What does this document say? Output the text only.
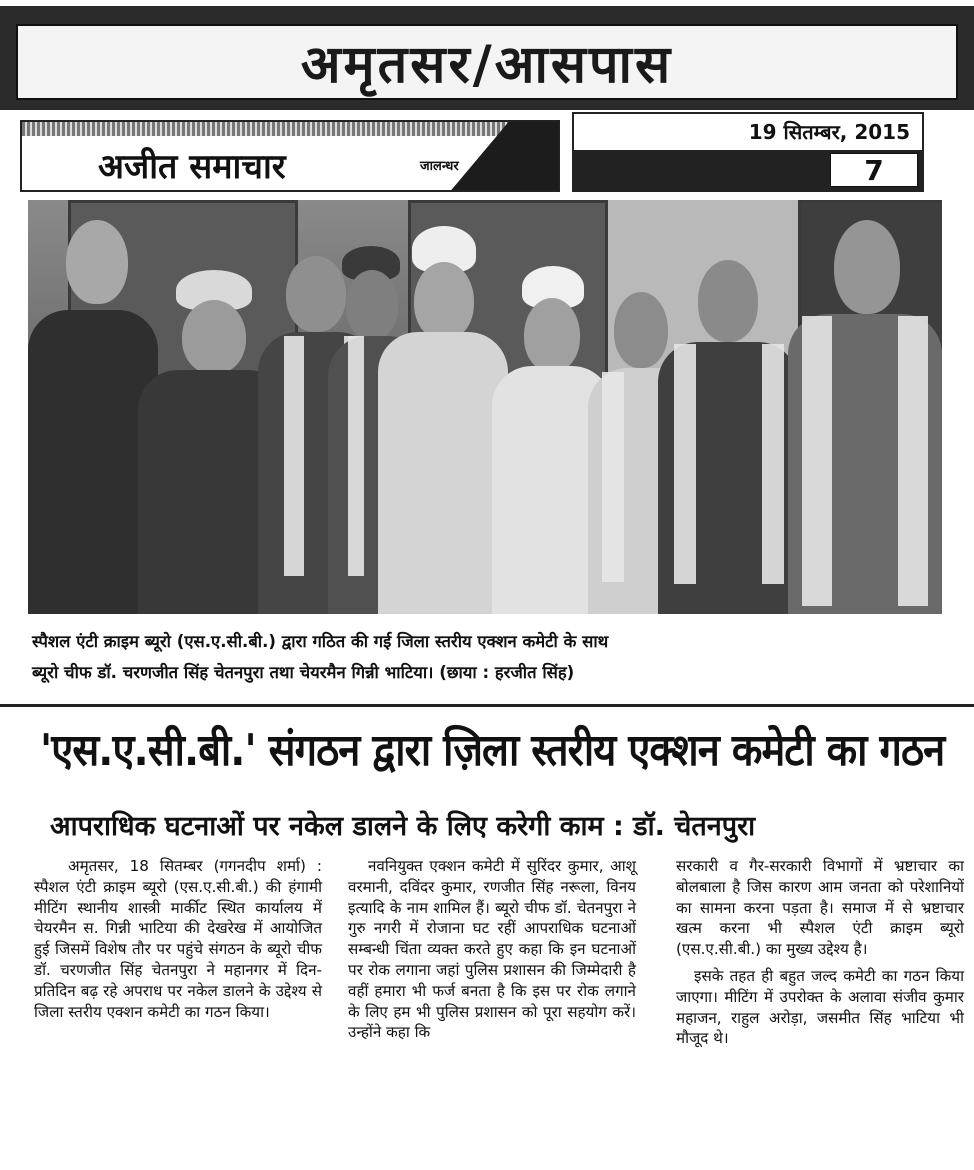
अमृतसर/आसपास
अजीत समाचार	जालन्धर
19 सितम्बर, 2015
7
स्पैशल एंटी क्राइम ब्यूरो (एस.ए.सी.बी.) द्वारा गठित की गई जिला स्तरीय एक्शन कमेटी के साथ
ब्यूरो चीफ डॉ. चरणजीत सिंह चेतनपुरा तथा चेयरमैन गिन्नी भाटिया। (छाया : हरजीत सिंह)
'एस.ए.सी.बी.' संगठन द्वारा ज़िला स्तरीय एक्शन कमेटी का गठन
आपराधिक घटनाओं पर नकेल डालने के लिए करेगी काम : डॉ. चेतनपुरा

अमृतसर, 18 सितम्बर (गगनदीप शर्मा) : स्पैशल एंटी क्राइम ब्यूरो (एस.ए.सी.बी.) की हंगामी मीटिंग स्थानीय शास्त्री मार्कीट स्थित कार्यालय में चेयरमैन स. गिन्नी भाटिया की देखरेख में आयोजित हुई जिसमें विशेष तौर पर पहुंचे संगठन के ब्यूरो चीफ डॉ. चरणजीत सिंह चेतनपुरा ने महानगर में दिन-प्रतिदिन बढ़ रहे अपराध पर नकेल डालने के उद्देश्य से जिला स्तरीय एक्शन कमेटी का गठन किया।

नवनियुक्त एक्शन कमेटी में सुरिंदर कुमार, आशू वरमानी, दविंदर कुमार, रणजीत सिंह नरूला, विनय इत्यादि के नाम शामिल हैं। ब्यूरो चीफ डॉ. चेतनपुरा ने गुरु नगरी में रोजाना घट रहीं आपराधिक घटनाओं सम्बन्धी चिंता व्यक्त करते हुए कहा कि इन घटनाओं पर रोक लगाना जहां पुलिस प्रशासन की जिम्मेदारी है वहीं हमारा भी फर्ज बनता है कि इस पर रोक लगाने के लिए हम भी पुलिस प्रशासन को पूरा सहयोग करें। उन्होंने कहा कि

सरकारी व गैर-सरकारी विभागों में भ्रष्टाचार का बोलबाला है जिस कारण आम जनता को परेशानियों का सामना करना पड़ता है। समाज में से भ्रष्टाचार खत्म करना भी स्पैशल एंटी क्राइम ब्यूरो (एस.ए.सी.बी.) का मुख्य उद्देश्य है।

इसके तहत ही बहुत जल्द कमेटी का गठन किया जाएगा। मीटिंग में उपरोक्त के अलावा संजीव कुमार महाजन, राहुल अरोड़ा, जसमीत सिंह भाटिया भी मौजूद थे।
